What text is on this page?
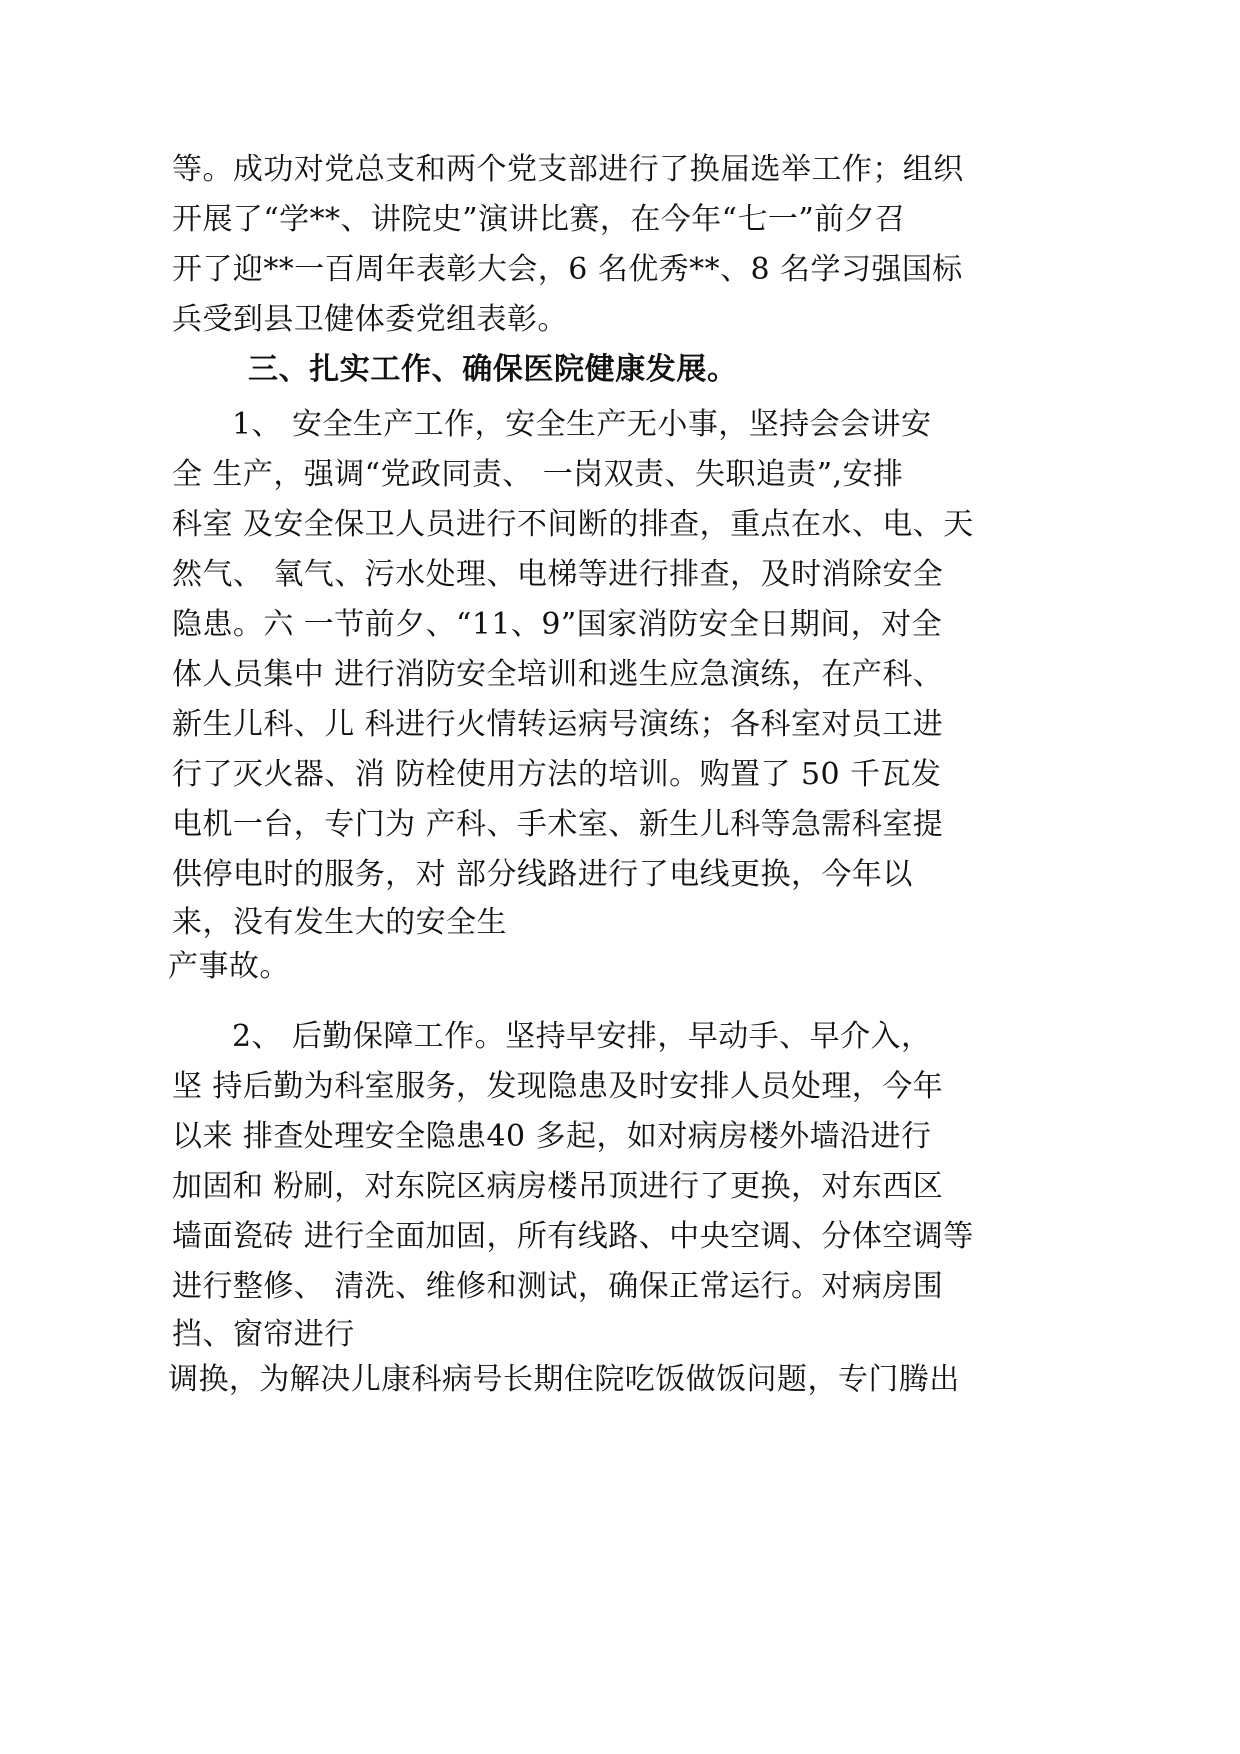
等。成功对党总支和两个党支部进行了换届选举工作；组织
开展了“学**、讲院史”演讲比赛，在今年“七一”前夕召
开了迎**一百周年表彰大会，6 名优秀**、8 名学习强国标
兵受到县卫健体委党组表彰。
三、扎实工作、确保医院健康发展。
1、 安全生产工作，安全生产无小事，坚持会会讲安
全 生产，强调“党政同责、 一岗双责、失职追责”,安排
科室 及安全保卫人员进行不间断的排查，重点在水、电、天
然气、 氧气、污水处理、电梯等进行排查，及时消除安全
隐患。六 一节前夕、“11、9”国家消防安全日期间，对全
体人员集中 进行消防安全培训和逃生应急演练，在产科、
新生儿科、儿 科进行火情转运病号演练；各科室对员工进
行了灭火器、消 防栓使用方法的培训。购置了 50 千瓦发
电机一台，专门为 产科、手术室、新生儿科等急需科室提
供停电时的服务，对 部分线路进行了电线更换，今年以
来，没有发生大的安全生
产事故。
2、 后勤保障工作。坚持早安排，早动手、早介入，
坚 持后勤为科室服务，发现隐患及时安排人员处理，今年
以来 排查处理安全隐患40 多起，如对病房楼外墙沿进行
加固和 粉刷，对东院区病房楼吊顶进行了更换，对东西区
墙面瓷砖 进行全面加固，所有线路、中央空调、分体空调等
进行整修、 清洗、维修和测试，确保正常运行。对病房围
挡、窗帘进行
调换，为解决儿康科病号长期住院吃饭做饭问题，专门腾出
